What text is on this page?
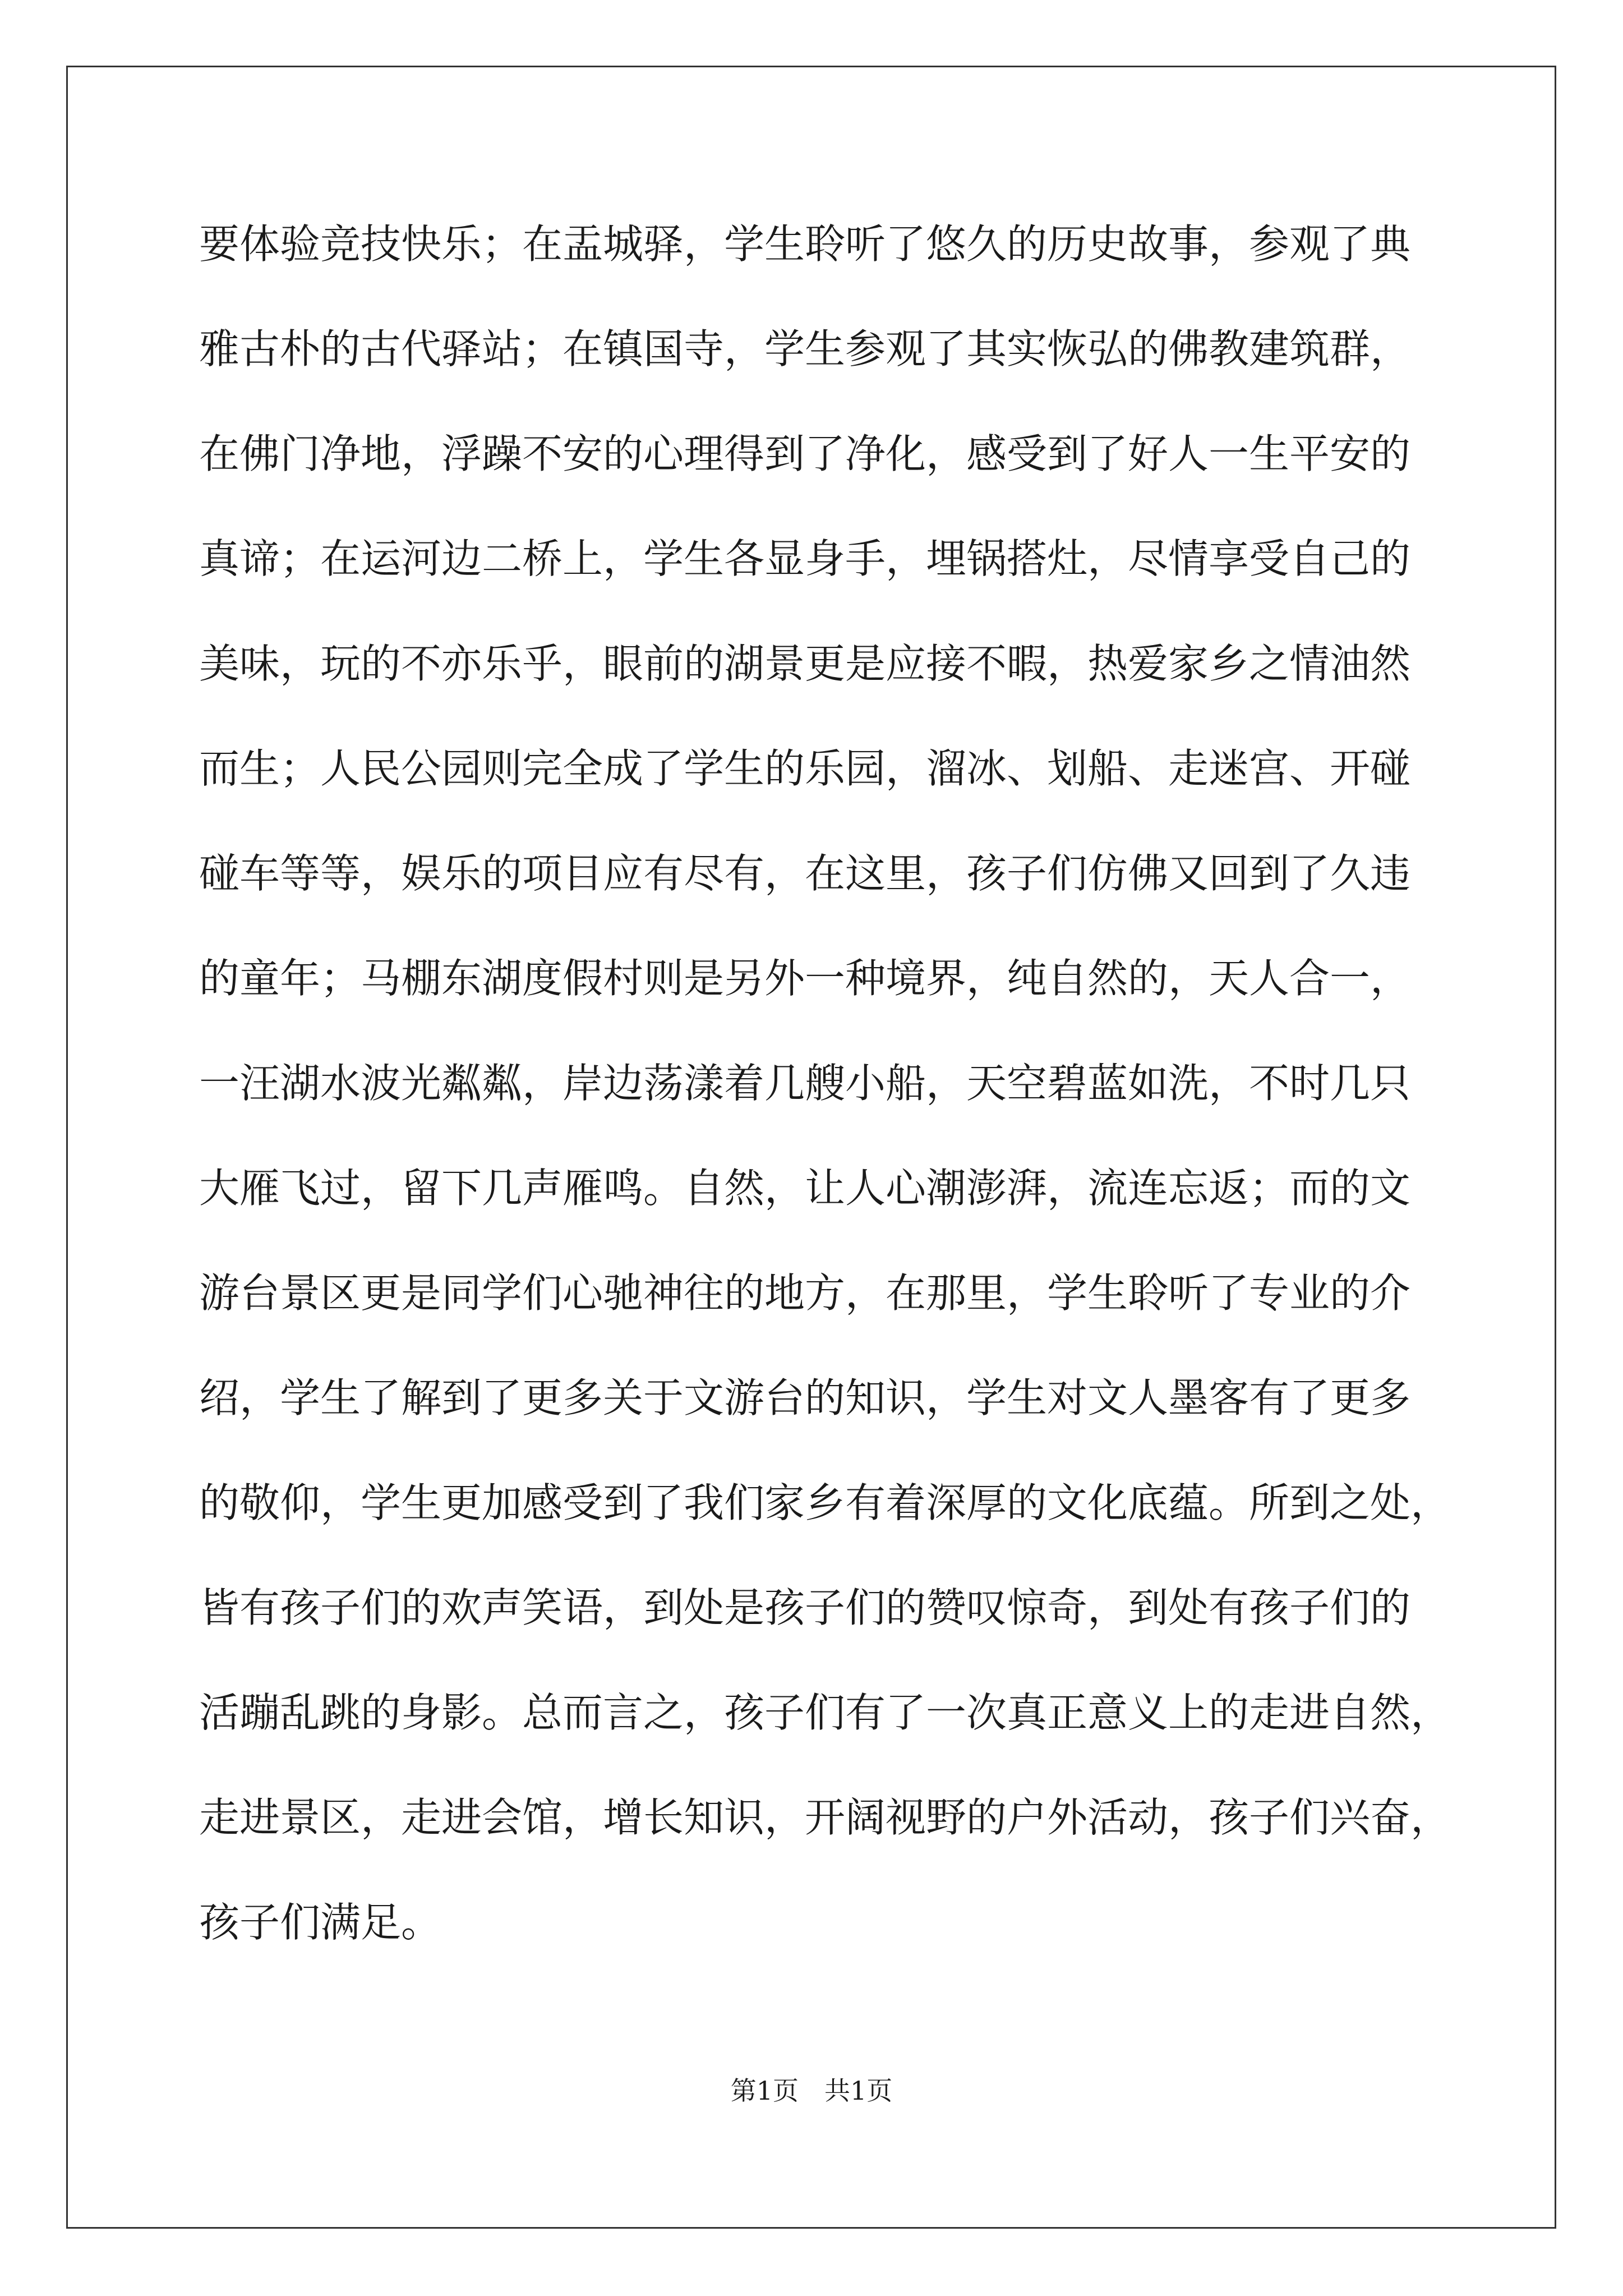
要体验竞技快乐；在盂城驿，学生聆听了悠久的历史故事，参观了典
雅古朴的古代驿站；在镇国寺，学生参观了其实恢弘的佛教建筑群，
在佛门净地，浮躁不安的心理得到了净化，感受到了好人一生平安的
真谛；在运河边二桥上，学生各显身手，埋锅搭灶，尽情享受自己的
美味，玩的不亦乐乎，眼前的湖景更是应接不暇，热爱家乡之情油然
而生；人民公园则完全成了学生的乐园，溜冰、划船、走迷宫、开碰
碰车等等，娱乐的项目应有尽有，在这里，孩子们仿佛又回到了久违
的童年；马棚东湖度假村则是另外一种境界，纯自然的，天人合一，
一汪湖水波光粼粼，岸边荡漾着几艘小船，天空碧蓝如洗，不时几只
大雁飞过，留下几声雁鸣。自然，让人心潮澎湃，流连忘返；而的文
游台景区更是同学们心驰神往的地方，在那里，学生聆听了专业的介
绍，学生了解到了更多关于文游台的知识，学生对文人墨客有了更多
的敬仰，学生更加感受到了我们家乡有着深厚的文化底蕴。所到之处，
皆有孩子们的欢声笑语，到处是孩子们的赞叹惊奇，到处有孩子们的
活蹦乱跳的身影。总而言之，孩子们有了一次真正意义上的走进自然，
走进景区，走进会馆，增长知识，开阔视野的户外活动，孩子们兴奋，
孩子们满足。
第1页　共1页
